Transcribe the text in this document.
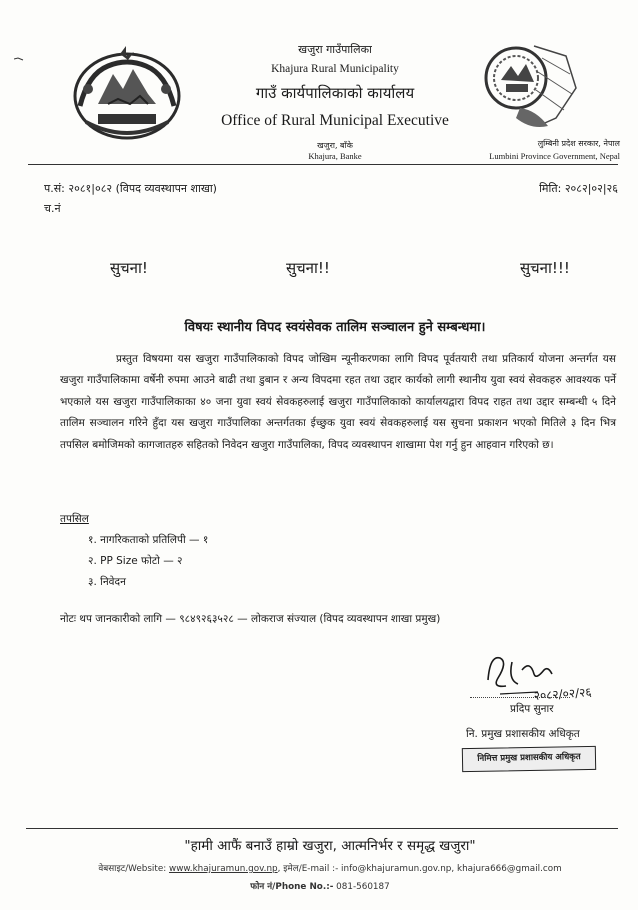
खजुरा गाउँपालिका
Khajura Rural Municipality
गाउँ कार्यपालिकाको कार्यालय
Office of Rural Municipal Executive
खजुरा, बाँके
Khajura, Banke
लुम्बिनी प्रदेश सरकार, नेपाल
Lumbini Province Government, Nepal
प.सं: २०८१|०८२ (विपद व्यवस्थापन शाखा)
च.नं
मिति: २०८२|०२|२६
सुचना!	सुचना!!	सुचना!!!
विषयः स्थानीय विपद स्वयंसेवक तालिम सञ्चालन हुने सम्बन्धमा।
प्रस्तुत विषयमा यस खजुरा गाउँपालिकाको विपद जोखिम न्यूनीकरणका लागि विपद पूर्वतयारी तथा प्रतिकार्य योजना अन्तर्गत यस खजुरा गाउँपालिकामा वर्षेनी रुपमा आउने बाढी तथा डुबान र अन्य विपदमा रहत तथा उद्दार कार्यको लागी स्थानीय युवा स्वयं सेवकहरु आवश्यक पर्ने भएकाले यस खजुरा गाउँपालिकाका ४० जना युवा स्वयं सेवकहरुलाई खजुरा गाउँपालिकाको कार्यालयद्वारा विपद राहत तथा उद्दार सम्बन्धी ५ दिने तालिम सञ्चालन गरिने हुँदा यस खजुरा गाउँपालिका अन्तर्गतका ईच्छुक युवा स्वयं सेवकहरुलाई यस सुचना प्रकाशन भएको मितिले ३ दिन भित्र तपसिल बमोजिमको कागजातहरु सहितको निवेदन खजुरा गाउँपालिका, विपद व्यवस्थापन शाखामा पेश गर्नु हुन आहवान गरिएको छ।
तपसिल
१. नागरिकताको प्रतिलिपी — १
२. PP Size फोटो — २
३. निवेदन
नोटः थप जानकारीको लागि — ९८४९२६३५२८ — लोकराज संज्याल (विपद व्यवस्थापन शाखा प्रमुख)
२०८२/०२/२६
प्रदिप सुनार
नि. प्रमुख प्रशासकीय अधिकृत
निमित्त प्रमुख प्रशासकीय अधिकृत
"हामी आफैं बनाउँ हाम्रो खजुरा, आत्मनिर्भर र समृद्ध खजुरा"
वेबसाइट/Website: www.khajuramun.gov.np, इमेल/E-mail :- info@khajuramun.gov.np, khajura666@gmail.com
फोन नं/Phone No.:- 081-560187
